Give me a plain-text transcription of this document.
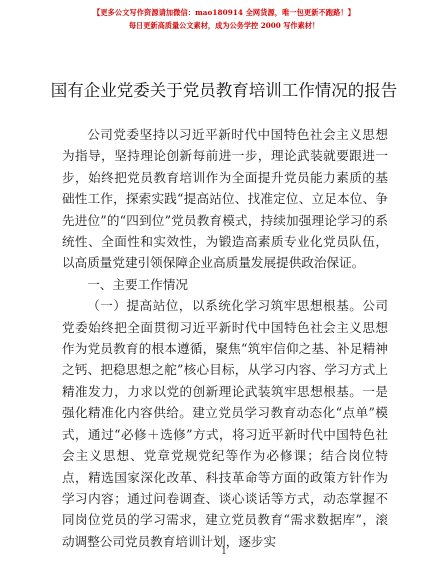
【更多公文写作资源请加微信：mao180914 全网货源，唯一包更新不跑路！】
每日更新高质量公文素材，成为公务学控 2000 写作素材！
国有企业党委关于党员教育培训工作情况的报告

公司党委坚持以习近平新时代中国特色社会主义思想为指导，坚持理论创新每前进一步，理论武装就要跟进一步，始终把党员教育培训作为全面提升党员能力素质的基础性工作，探索实践“提高站位、找准定位、立足本位、争先进位”的“四到位”党员教育模式，持续加强理论学习的系统性、全面性和实效性，为锻造高素质专业化党员队伍，以高质量党建引领保障企业高质量发展提供政治保证。

一、主要工作情况

（一）提高站位，以系统化学习筑牢思想根基。公司党委始终把全面贯彻习近平新时代中国特色社会主义思想作为党员教育的根本遵循，聚焦“筑牢信仰之基、补足精神之钙、把稳思想之舵”核心目标，从学习内容、学习方式上精准发力，力求以党的创新理论武装筑牢思想根基。一是强化精准化内容供给。建立党员学习教育动态化“点单”模式，通过“必修＋选修”方式，将习近平新时代中国特色社会主义思想、党章党规党纪等作为必修课；结合岗位特点，精选国家深化改革、科技革命等方面的政策方针作为学习内容；通过问卷调查、谈心谈话等方式，动态掌握不同岗位党员的学习需求，建立党员教育“需求数据库”，滚动调整公司党员教育培训计划，逐步实

1
